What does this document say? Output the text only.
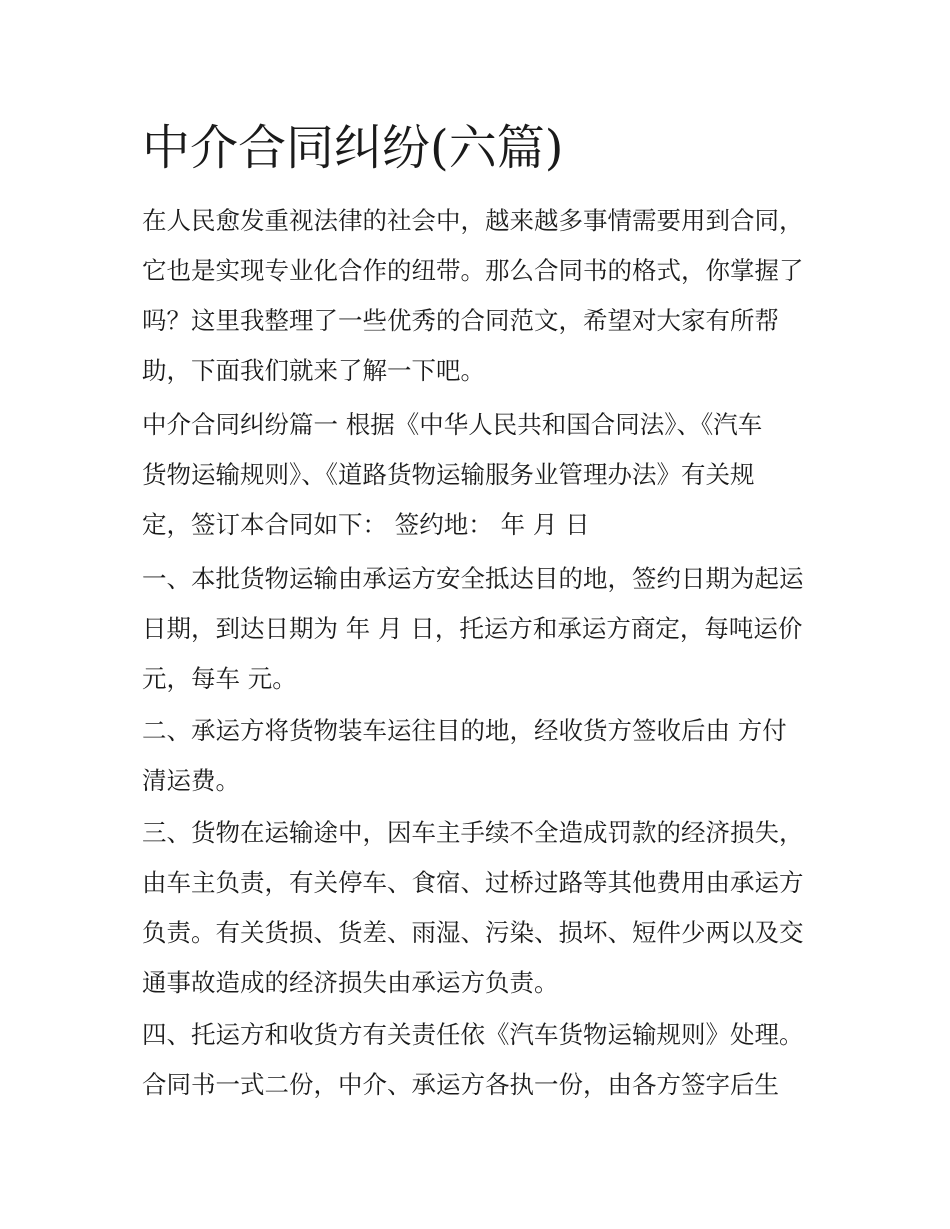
中介合同纠纷(六篇)

在人民愈发重视法律的社会中，越来越多事情需要用到合同，

它也是实现专业化合作的纽带。那么合同书的格式，你掌握了

吗？这里我整理了一些优秀的合同范文，希望对大家有所帮

助，下面我们就来了解一下吧。

中介合同纠纷篇一 根据《中华人民共和国合同法》、《汽车

货物运输规则》、《道路货物运输服务业管理办法》有关规

定，签订本合同如下： 签约地： 年 月 日

一、本批货物运输由承运方安全抵达目的地，签约日期为起运

日期，到达日期为 年 月 日，托运方和承运方商定，每吨运价

元，每车 元。

二、承运方将货物装车运往目的地，经收货方签收后由 方付

清运费。

三、货物在运输途中，因车主手续不全造成罚款的经济损失，

由车主负责，有关停车、食宿、过桥过路等其他费用由承运方

负责。有关货损、货差、雨湿、污染、损坏、短件少两以及交

通事故造成的经济损失由承运方负责。

四、托运方和收货方有关责任依《汽车货物运输规则》处理。

合同书一式二份，中介、承运方各执一份，由各方签字后生
